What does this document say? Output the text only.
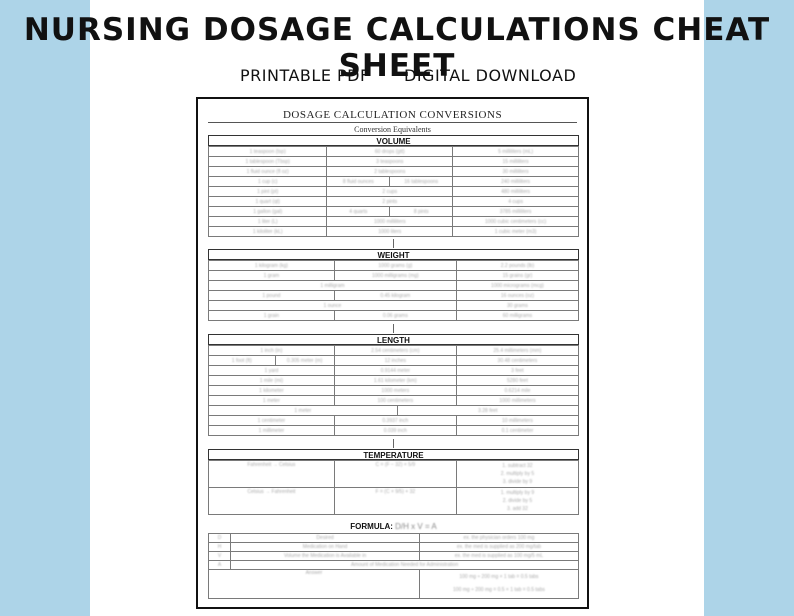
NURSING DOSAGE CALCULATIONS CHEAT SHEET
PRINTABLE PDF DIGITAL DOWNLOAD
DOSAGE CALCULATION CONVERSIONS
Conversion Equivalents
VOLUME
1 teaspoon (tsp)	60 drops (gtt)		5 milliliters (mL)
1 tablespoon (Tbsp)	3 teaspoons		15 milliliters
1 fluid ounce (fl oz)	2 tablespoons		30 milliliters
1 cup (c)	8 fluid ounces	16 tablespoons	240 milliliters
1 pint (pt)	2 cups		480 milliliters
1 quart (qt)	2 pints		4 cups
1 gallon (gal)	4 quarts	8 pints	3785 milliliters
1 liter (L)	1000 milliliters		1000 cubic centimeters (cc)
1 kiloliter (kL)	1000 liters		1 cubic meter (m3)
WEIGHT
1 kilogram (kg)	1000 grams (g)	2.2 pounds (lb)
1 gram	1000 milligrams (mg)	15 grains (gr)
1 milligram		1000 micrograms (mcg)
1 pound	0.45 kilogram	16 ounces (oz)
1 ounce		30 grams
1 grain	0.06 grams	60 milligrams
LENGTH
1 inch (in)		2.54 centimeters (cm)		25.4 millimeters (mm)
1 foot (ft)	0.305 meter (m)	12 inches		30.48 centimeters
1 yard		0.9144 meter		3 feet
1 mile (mi)		1.61 kilometer (km)		5280 feet
1 kilometer		1000 meters		0.6214 mile
1 meter		100 centimeters		1000 millimeters
1 meter			3.28 feet	
1 centimeter		0.3937 inch		10 millimeters
1 millimeter		0.039 inch		0.1 centimeter
TEMPERATURE
Fahrenheit → Celsius	C = (F − 32) × 5/9	1. subtract 32
2. multiply by 5
3. divide by 9

Celsius → Fahrenheit	F = (C × 9/5) + 32	1. multiply by 9
2. divide by 5
3. add 32
FORMULA: D/H x V = A
D	Desired	ex. the physician orders 100 mg
H	Medication on Hand	ex. the med is supplied as 200 mg/tab
V	Volume the Medication is Available in	ex. the med is supplied as 100 mg/5 mL
A	Amount of Medication Needed for Administration	
Answer		100 mg ÷ 200 mg × 1 tab = 0.5 tabs
100 mg ÷ 200 mg = 0.5 × 1 tab = 0.5 tabs
